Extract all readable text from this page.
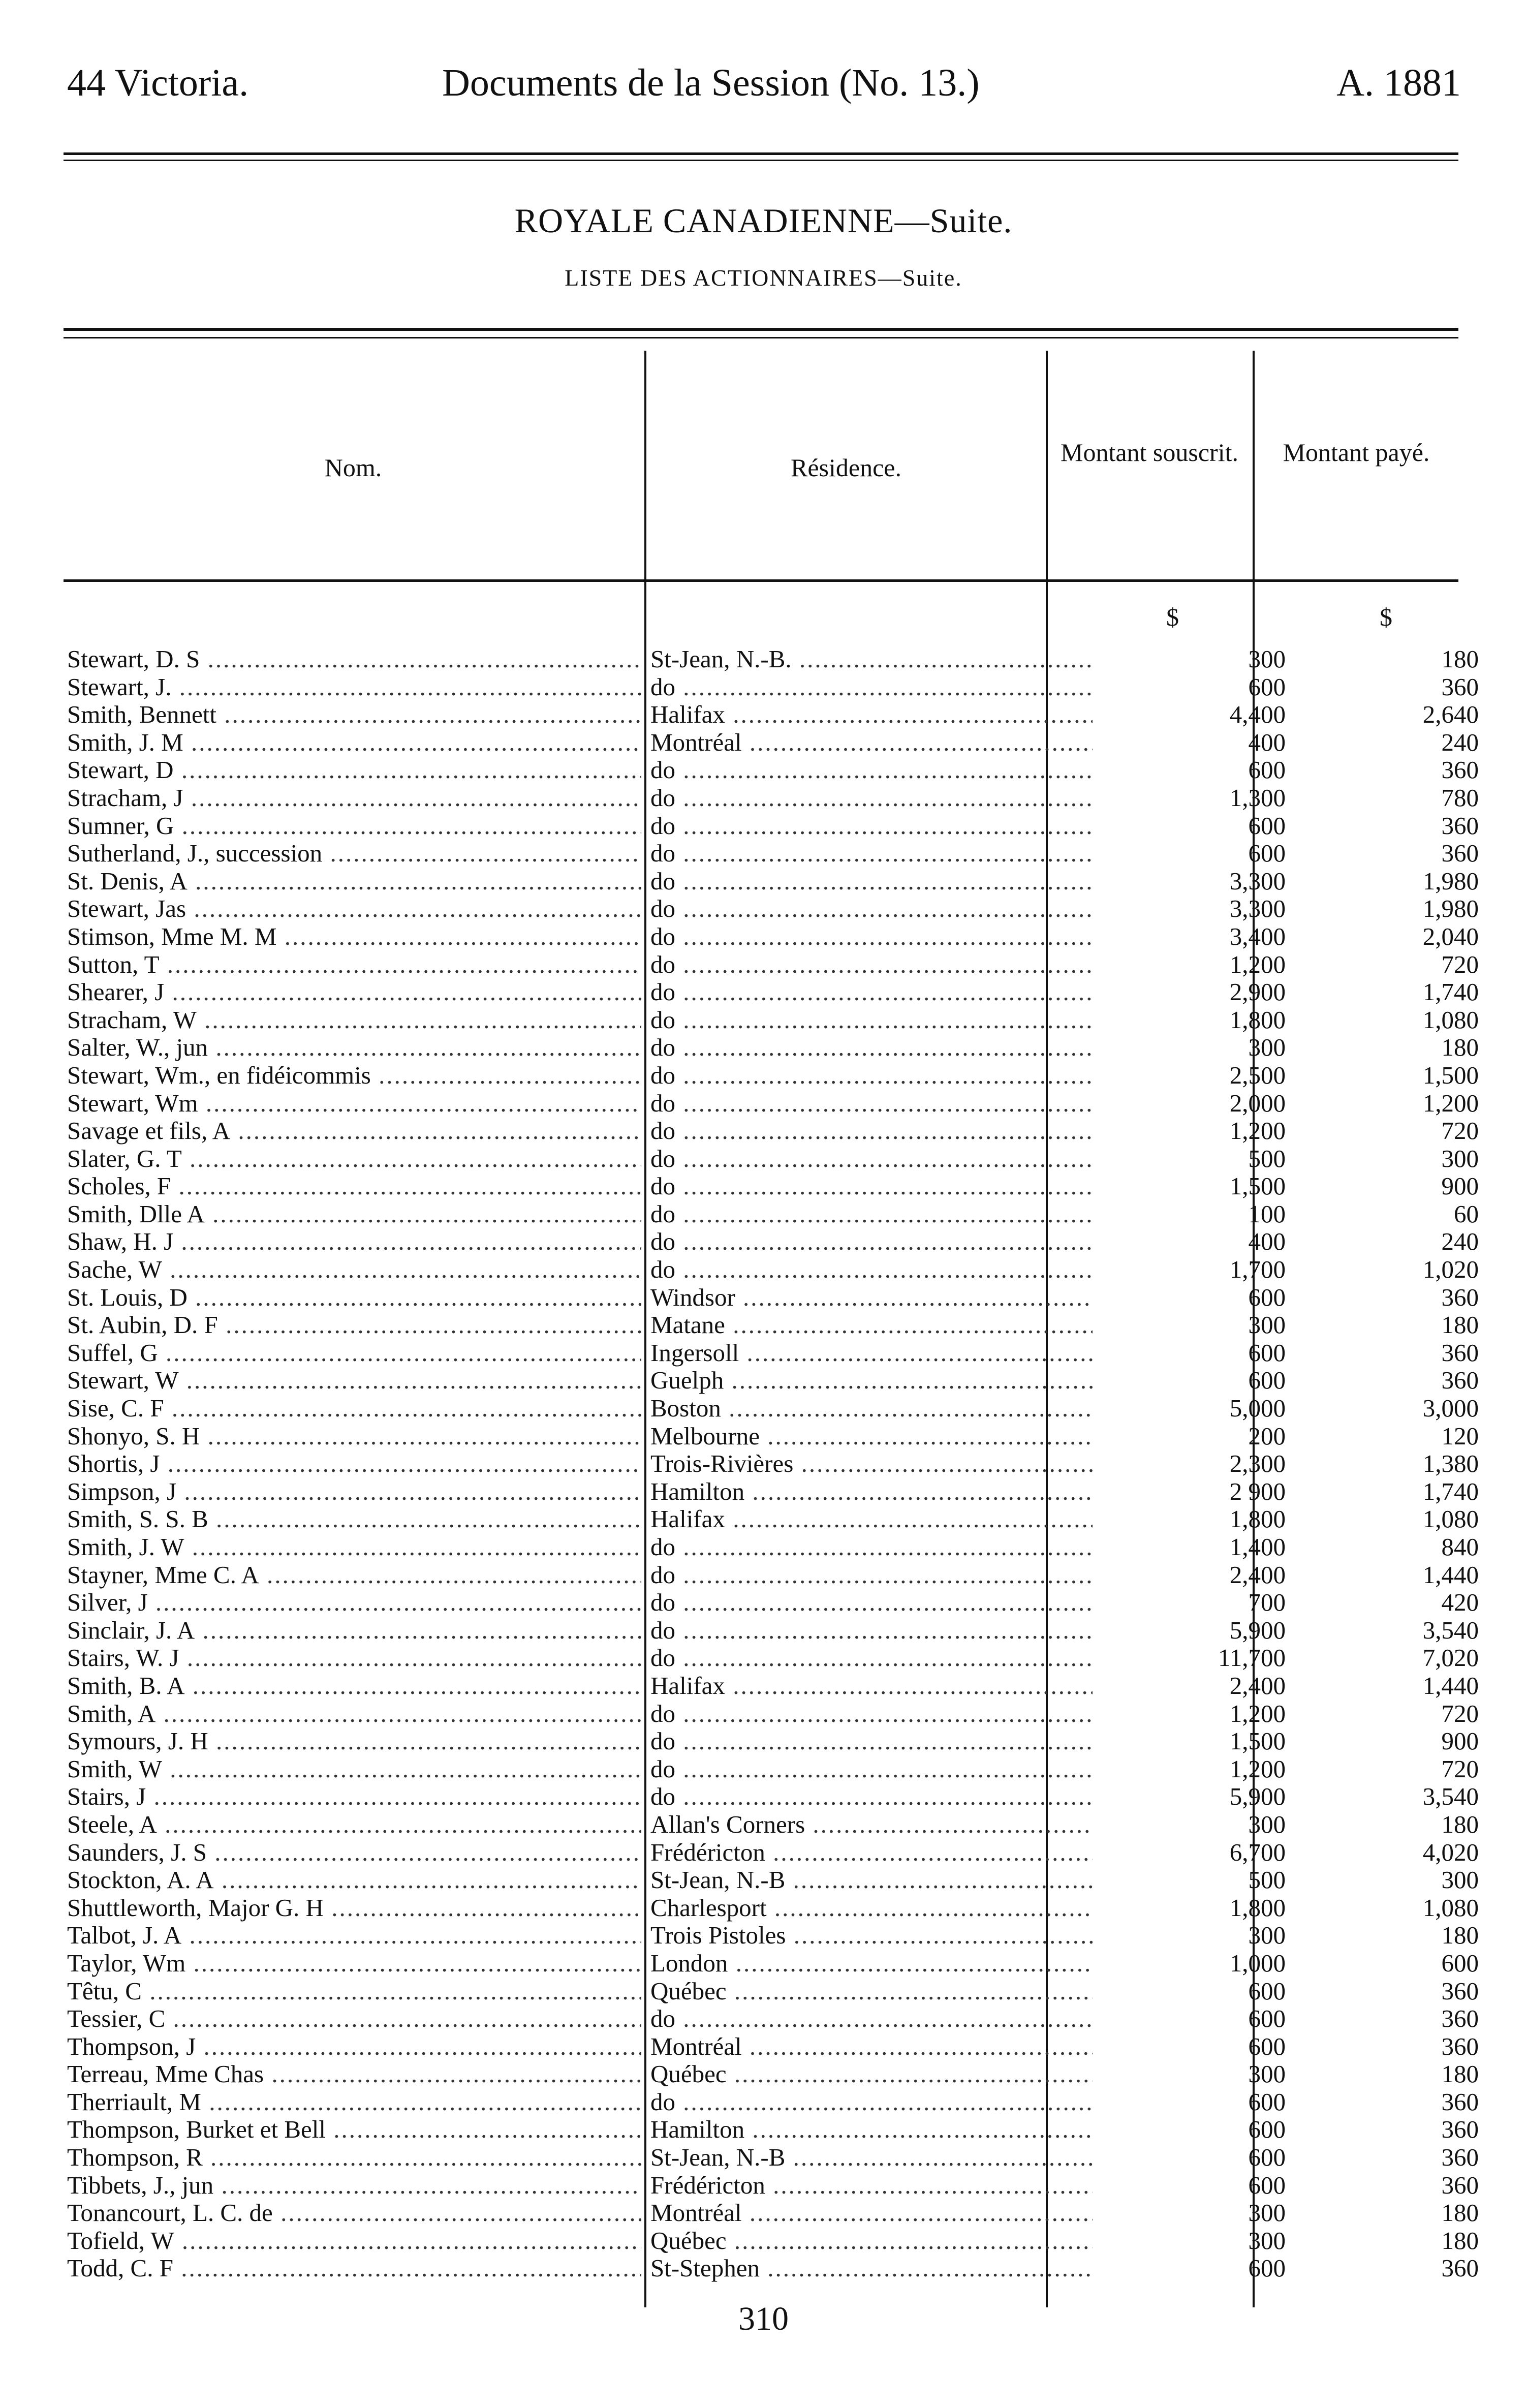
44 Victoria.	Documents de la Session (No. 13.)	A. 1881
ROYALE CANADIENNE—Suite.
LISTE DES ACTIONNAIRES—Suite.
Nom.	Résidence.
Montant souscrit.	Montant payé.
$	$
Stewart, D. S .....	St-Jean, N.-B. .....	300	180
Stewart, J. .....	do .....	600	360
Smith, Bennett .....	Halifax .....	4,400	2,640
Smith, J. M .....	Montréal .....	400	240
Stewart, D .....	do .....	600	360
Stracham, J .....	do .....	1,300	780
Sumner, G .....	do .....	600	360
Sutherland, J., succession .....	do .....	600	360
St. Denis, A .....	do .....	3,300	1,980
Stewart, Jas .....	do .....	3,300	1,980
Stimson, Mme M. M .....	do .....	3,400	2,040
Sutton, T .....	do .....	1,200	720
Shearer, J .....	do .....	2,900	1,740
Stracham, W .....	do .....	1,800	1,080
Salter, W., jun .....	do .....	300	180
Stewart, Wm., en fidéicommis .....	do .....	2,500	1,500
Stewart, Wm .....	do .....	2,000	1,200
Savage et fils, A .....	do .....	1,200	720
Slater, G. T .....	do .....	500	300
Scholes, F .....	do .....	1,500	900
Smith, Dlle A .....	do .....	100	60
Shaw, H. J .....	do .....	400	240
Sache, W .....	do .....	1,700	1,020
St. Louis, D .....	Windsor .....	600	360
St. Aubin, D. F .....	Matane .....	300	180
Suffel, G .....	Ingersoll .....	600	360
Stewart, W .....	Guelph .....	600	360
Sise, C. F .....	Boston .....	5,000	3,000
Shonyo, S. H .....	Melbourne .....	200	120
Shortis, J .....	Trois-Rivières .....	2,300	1,380
Simpson, J .....	Hamilton .....	2 900	1,740
Smith, S. S. B .....	Halifax .....	1,800	1,080
Smith, J. W .....	do .....	1,400	840
Stayner, Mme C. A .....	do .....	2,400	1,440
Silver, J .....	do .....	700	420
Sinclair, J. A .....	do .....	5,900	3,540
Stairs, W. J .....	do .....	11,700	7,020
Smith, B. A .....	Halifax .....	2,400	1,440
Smith, A .....	do .....	1,200	720
Symours, J. H .....	do .....	1,500	900
Smith, W .....	do .....	1,200	720
Stairs, J .....	do .....	5,900	3,540
Steele, A .....	Allan's Corners .....	300	180
Saunders, J. S .....	Frédéricton .....	6,700	4,020
Stockton, A. A .....	St-Jean, N.-B .....	500	300
Shuttleworth, Major G. H .....	Charlesport .....	1,800	1,080
Talbot, J. A .....	Trois Pistoles .....	300	180
Taylor, Wm .....	London .....	1,000	600
Têtu, C .....	Québec .....	600	360
Tessier, C .....	do .....	600	360
Thompson, J .....	Montréal .....	600	360
Terreau, Mme Chas .....	Québec .....	300	180
Therriault, M .....	do .....	600	360
Thompson, Burket et Bell .....	Hamilton .....	600	360
Thompson, R .....	St-Jean, N.-B .....	600	360
Tibbets, J., jun .....	Frédéricton .....	600	360
Tonancourt, L. C. de .....	Montréal .....	300	180
Tofield, W .....	Québec .....	300	180
Todd, C. F .....	St-Stephen .....	600	360
310
